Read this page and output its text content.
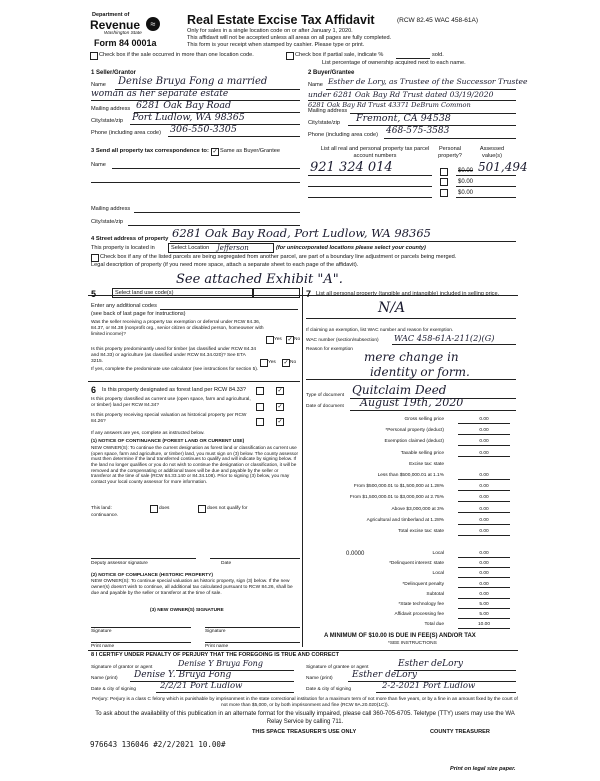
Department of
Revenue	≈
Washington State
Form 84 0001a
Real Estate Excise Tax Affidavit	(RCW 82.45 WAC 458-61A)
Only for sales in a single location code on or after January 1, 2020.
This affidavit will not be accepted unless all areas on all pages are fully completed.
This form is your receipt when stamped by cashier. Please type or print.
Check box if the sale occurred in more than one location code.	Check box if partial sale, indicate %	sold.
List percentage of ownership acquired next to each name.
1 Seller/Grantor
Name Denise Bruya Fong a married
woman as her separate estate
Mailing address 6281 Oak Bay Road
City/state/zip Port Ludlow, WA 98365
Phone (including area code) 306-550-3305
2 Buyer/Grantee
Name Esther de Lory, as Trustee of the Successor Trustee
under 6281 Oak Bay Rd Trust dated 03/19/2020
Mailing address
6281 Oak Bay Rd Trust 43371 DeBrum Common
City/state/zip Fremont, CA 94538
Phone (including area code) 468-575-3583
3 Send all property tax correspondence to: ✓ Same as Buyer/Grantee
Name
Mailing address
City/state/zip
List all real and personal property tax parcel account numbers
Personal property?
Assessed value(s)
921 324 014	$0.00 501,494
$0.00
$0.00
4 Street address of property 6281 Oak Bay Road, Port Ludlow, WA 98365
This property is located in	Select Location Jefferson	(for unincorporated locations please select your county)
Check box if any of the listed parcels are being segregated from another parcel, are part of a boundary line adjustment or parcels being merged.
Legal description of property (if you need more space, attach a separate sheet to each page of the affidavit).
See attached Exhibit "A".
5	Select land use code(s)
Enter any additional codes
(see back of last page for instructions)
Was the seller receiving a property tax exemption or deferral under RCW 84.36, 84.37, or 84.38 (nonprofit org., senior citizen or disabled person, homeowner with limited income)?
Yes ✓ No
Is this property predominantly used for timber (as classified under RCW 84.34 and 84.33) or agriculture (as classified under RCW 84.34.020)? See ETA 3215.	Yes ✓ No
If yes, complete the predominate use calculator (see instructions for section 5).
6 Is this property designated as forest land per RCW 84.33?	✓
Is this property classified as current use (open space, farm and agricultural, or timber) land per RCW 84.34?	✓
Is this property receiving special valuation as historical property per RCW 84.26?	✓
If any answers are yes, complete as instructed below.
(1) NOTICE OF CONTINUANCE (FOREST LAND OR CURRENT USE)
NEW OWNER(S): To continue the current designation as forest land or classification as current use (open space, farm and agriculture, or timber) land, you must sign on (3) below. The county assessor must then determine if the land transferred continues to qualify and will indicate by signing below. If the land no longer qualifies or you do not wish to continue the designation or classification, it will be removed and the compensating or additional taxes will be due and payable by the seller or transferor at the time of sale (RCW 84.33.140 or 84.34.108). Prior to signing (3) below, you may contact your local county assessor for more information.
This land:	does	does not qualify for
continuance.
Deputy assessor signature	Date
(2) NOTICE OF COMPLIANCE (HISTORIC PROPERTY)
NEW OWNER(S): To continue special valuation as historic property, sign (3) below. If the new owner(s) doesn't wish to continue, all additional tax calculated pursuant to RCW 84.26, shall be due and payable by the seller or transferor at the time of sale.
(3) NEW OWNER(S) SIGNATURE
Signature	Signature
Print name	Print name
7 List all personal property (tangible and intangible) included in selling price.
N/A
If claiming an exemption, list WAC number and reason for exemption.
WAC number (section/subsection) WAC 458-61A-211(2)(G)
Reason for exemption
mere change in
identity or form.
Type of document Quitclaim Deed
Date of document August 19th, 2020
Gross selling price	0.00
*Personal property (deduct)	0.00
Exemption claimed (deduct)	0.00
Taxable selling price	0.00
Excise tax: state
Less than $500,000.01 at 1.1%	0.00
From $500,000.01 to $1,500,000 at 1.28%	0.00
From $1,500,000.01 to $3,000,000 at 2.75%	0.00
Above $3,000,000 at 3%	0.00
Agricultural and timberland at 1.28%	0.00
Total excise tax: state	0.00
Local	0.00
*Delinquent interest: state	0.00
Local	0.00
*Delinquent penalty	0.00
Subtotal	0.00
*State technology fee	5.00
Affidavit processing fee	5.00
Total due	10.00
0.0000
A MINIMUM OF $10.00 IS DUE IN FEE(S) AND/OR TAX
*SEE INSTRUCTIONS
8 I CERTIFY UNDER PENALTY OF PERJURY THAT THE FOREGOING IS TRUE AND CORRECT
Signature of grantor or agent	Denise Y Bruya Fong
Name (print) Denise Y. Bruya Fong
Date & city of signing	2/2/21 Port Ludlow
Signature of grantee or agent	Esther deLory
Name (print) Esther deLory
Date & city of signing	2-2-2021 Port Ludlow
Perjury: Perjury is a class C felony which is punishable by imprisonment in the state correctional institution for a maximum term of not more than five years, or by a fine in an amount fixed by the court of not more than $5,000, or by both imprisonment and fine (RCW 9A.20.020(1C)).
To ask about the availability of this publication in an alternate format for the visually impaired, please call 360-705-6705. Teletype (TTY) users may use the WA Relay Service by calling 711.
976643 136046 #2/2/2021 10.00#
THIS SPACE TREASURER'S USE ONLY	COUNTY TREASURER
Print on legal size paper.
